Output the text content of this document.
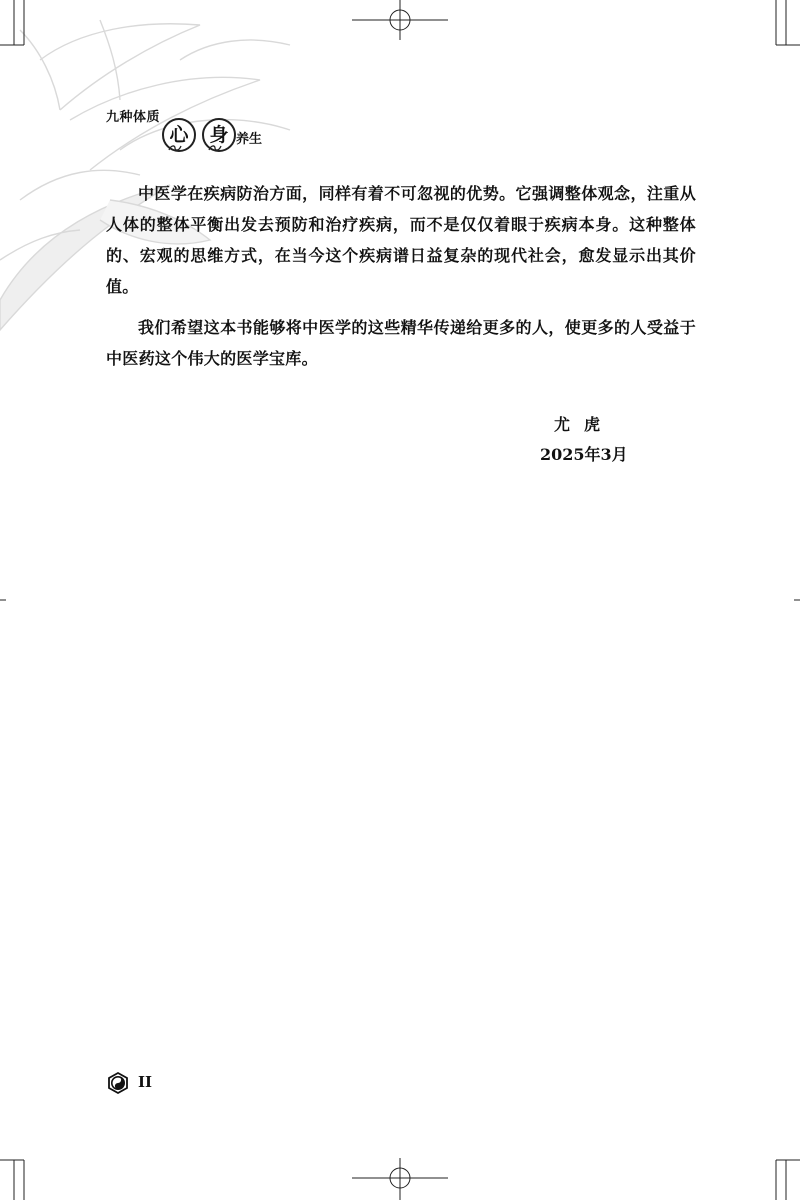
九种体质
心	身 养生

中医学在疾病防治方面，同样有着不可忽视的优势。它强调整体观念，注重从人体的整体平衡出发去预防和治疗疾病，而不是仅仅着眼于疾病本身。这种整体的、宏观的思维方式，在当今这个疾病谱日益复杂的现代社会，愈发显示出其价值。

我们希望这本书能够将中医学的这些精华传递给更多的人，使更多的人受益于中医药这个伟大的医学宝库。

尤虎
2025年3月
II
